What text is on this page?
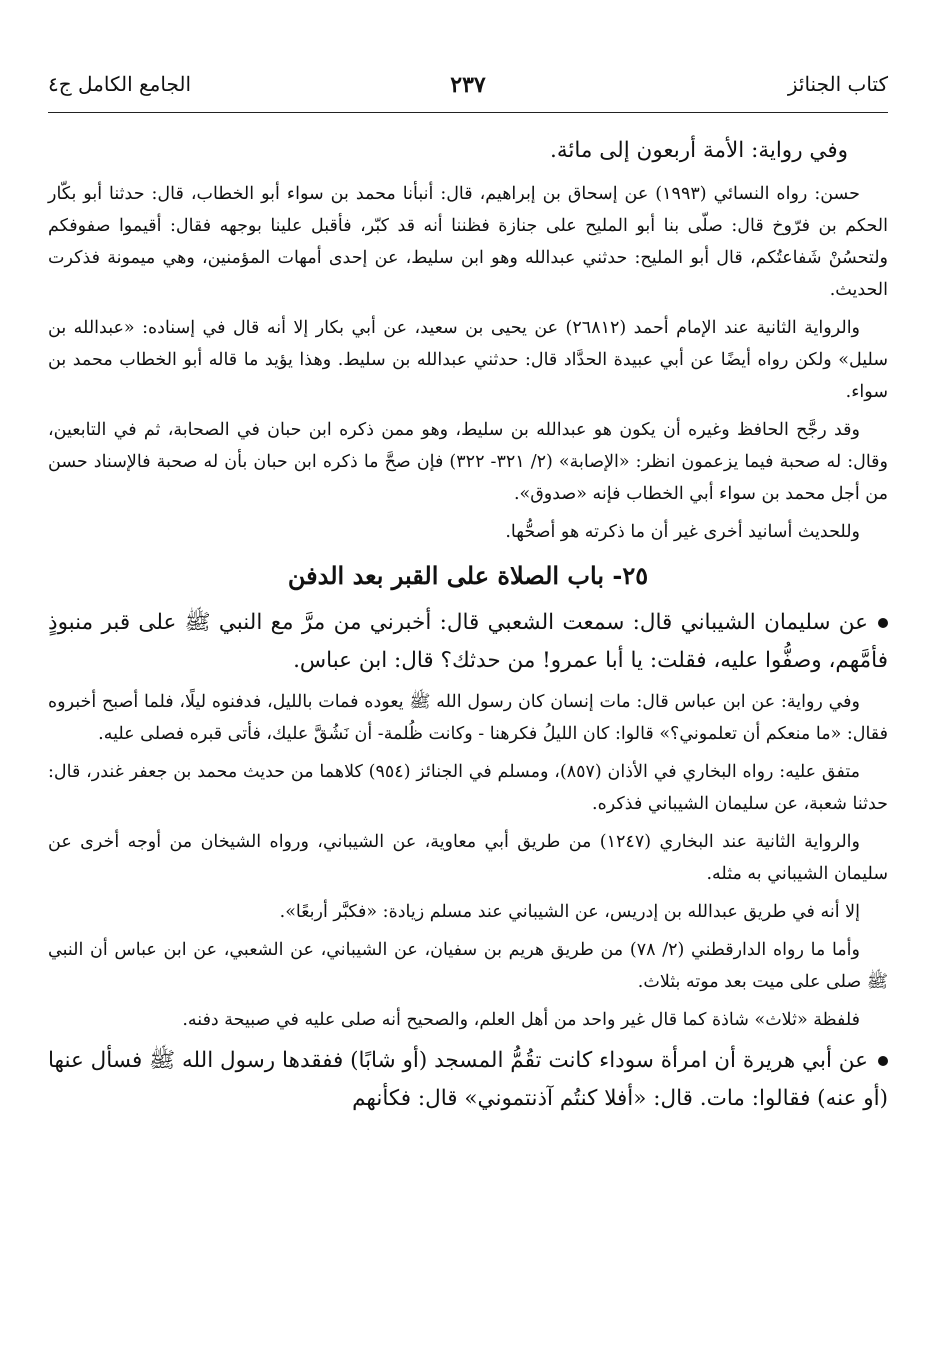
كتاب الجنائز
٢٣٧
الجامع الكامل ج٤

وفي رواية: الأمة أربعون إلى مائة.

حسن: رواه النسائي (١٩٩٣) عن إسحاق بن إبراهيم، قال: أنبأنا محمد بن سواء أبو الخطاب، قال: حدثنا أبو بكّار الحكم بن فرّوخ قال: صلّى بنا أبو المليح على جنازة فظننا أنه قد كبّر، فأقبل علينا بوجهه فقال: أقيموا صفوفكم ولتحسُنْ شَفاعتُكم، قال أبو المليح: حدثني عبدالله وهو ابن سليط، عن إحدى أمهات المؤمنين، وهي ميمونة فذكرت الحديث.

والرواية الثانية عند الإمام أحمد (٢٦٨١٢) عن يحيى بن سعيد، عن أبي بكار إلا أنه قال في إسناده: «عبدالله بن سليل» ولكن رواه أيضًا عن أبي عبيدة الحدَّاد قال: حدثني عبدالله بن سليط. وهذا يؤيد ما قاله أبو الخطاب محمد بن سواء.

وقد رجَّح الحافظ وغيره أن يكون هو عبدالله بن سليط، وهو ممن ذكره ابن حبان في الصحابة، ثم في التابعين، وقال: له صحبة فيما يزعمون انظر: «الإصابة» (٢/ ٣٢١- ٣٢٢) فإن صحَّ ما ذكره ابن حبان بأن له صحبة فالإسناد حسن من أجل محمد بن سواء أبي الخطاب فإنه «صدوق».

وللحديث أسانيد أخرى غير أن ما ذكرته هو أصحُّها.

٢٥- باب الصلاة على القبر بعد الدفن

عن سليمان الشيباني قال: سمعت الشعبي قال: أخبرني من مرَّ مع النبي ﷺ على قبر منبوذٍ فأمَّهم، وصفُّوا عليه، فقلت: يا أبا عمرو! من حدثك؟ قال: ابن عباس.

وفي رواية: عن ابن عباس قال: مات إنسان كان رسول الله ﷺ يعوده فمات بالليل، فدفنوه ليلًا، فلما أصبح أخبروه فقال: «ما منعكم أن تعلموني؟» قالوا: كان الليلُ فكرهنا - وكانت ظُلمة- أن نَشُقَّ عليك، فأتى قبره فصلى عليه.

متفق عليه: رواه البخاري في الأذان (٨٥٧)، ومسلم في الجنائز (٩٥٤) كلاهما من حديث محمد بن جعفر غندر، قال: حدثنا شعبة، عن سليمان الشيباني فذكره.

والرواية الثانية عند البخاري (١٢٤٧) من طريق أبي معاوية، عن الشيباني، ورواه الشيخان من أوجه أخرى عن سليمان الشيباني به مثله.

إلا أنه في طريق عبدالله بن إدريس، عن الشيباني عند مسلم زيادة: «فكبَّر أربعًا».

وأما ما رواه الدارقطني (٢/ ٧٨) من طريق هريم بن سفيان، عن الشيباني، عن الشعبي، عن ابن عباس أن النبي ﷺ صلى على ميت بعد موته بثلاث.

فلفظة «ثلاث» شاذة كما قال غير واحد من أهل العلم، والصحيح أنه صلى عليه في صبيحة دفنه.

عن أبي هريرة أن امرأة سوداء كانت تقُمُّ المسجد (أو شابًا) ففقدها رسول الله ﷺ فسأل عنها (أو عنه) فقالوا: مات. قال: «أفلا كنتُم آذنتموني» قال: فكأنهم
